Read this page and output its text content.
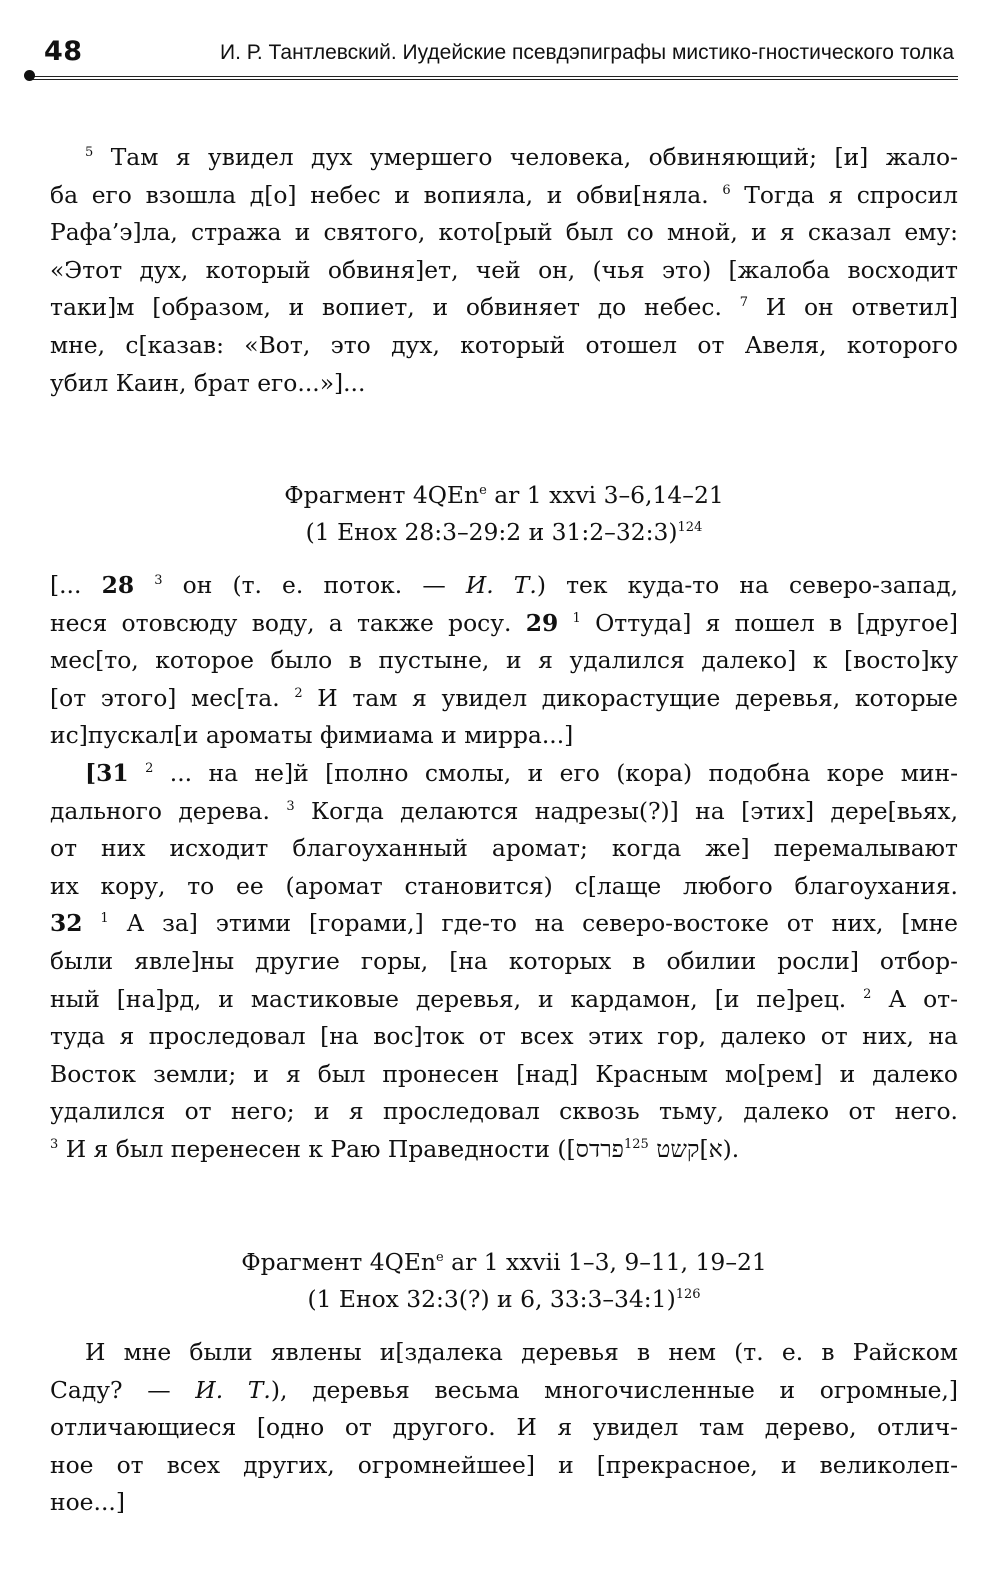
48	И. Р. Тантлевский. Иудейские псевдэпиграфы мистико-гностического толка
$^5$ Там я увидел дух умершего человека, обвиняющий; [и] жало-
ба его взошла д[о] небес и вопияла, и обви[няла. $^6$ Тогда я спросил
Рафа’э]ла, стража и святого, кото[рый был со мной, и я сказал ему:
«Этот дух, который обвиня]ет, чей он, (чья это) [жалоба восходит
таки]м [образом, и вопиет, и обвиняет до небес. $^7$ И он ответил]
мне, с[казав: «Вот, это дух, который отошел от Авеля, которого
убил Каин, брат его...»]...
Фрагмент 4QEn$^e$ ar 1 xxvi 3–6,14–21
(1 Енох 28:3–29:2 и 31:2–32:3)$^{124}$
[... 28 $^3$ он (т. е. поток. — И. Т.) тек куда-то на северо-запад,
неся отовсюду воду, а также росу. 29 $^1$ Оттуда] я пошел в [другое]
мес[то, которое было в пустыне, и я удалился далеко] к [восто]ку
[от этого] мес[та. $^2$ И там я увидел дикорастущие деревья, которые
ис]пускал[и ароматы фимиама и мирра...]
[31 $^2$ ... на не]й [полно смолы, и его (кора) подобна коре мин-
дального дерева. $^3$ Когда делаются надрезы(?)] на [этих] дере[вьях,
от них исходит благоуханный аромат; когда же] перемалывают
их кору, то ее (аромат становится) с[лаще любого благоухания.
32 $^1$ А за] этими [горами,] где-то на северо-востоке от них, [мне
были явле]ны другие горы, [на которых в обилии росли] отбор-
ный [на]рд, и мастиковые деревья, и кардамон, [и пе]рец. $^2$ А от-
туда я проследовал [на вос]ток от всех этих гор, далеко от них, на
Восток земли; и я был пронесен [над] Красным мо[рем] и далеко
удалился от него; и я проследовал сквозь тьму, далеко от него.
$^3$ И я был перенесен к Раю Праведности ([	א]קשט $^{125}$פרדס	).
Фрагмент 4QEn$^e$ ar 1 xxvii 1–3, 9–11, 19–21
(1 Енох 32:3(?) и 6, 33:3–34:1)$^{126}$
И мне были явлены и[здалека деревья в нем (т. е. в Райском
Саду? — И. Т.), деревья весьма многочисленные и огромные,]
отличающиеся [одно от другого. И я увидел там дерево, отлич-
ное от всех других, огромнейшее] и [прекрасное, и великолеп-
ное...]
